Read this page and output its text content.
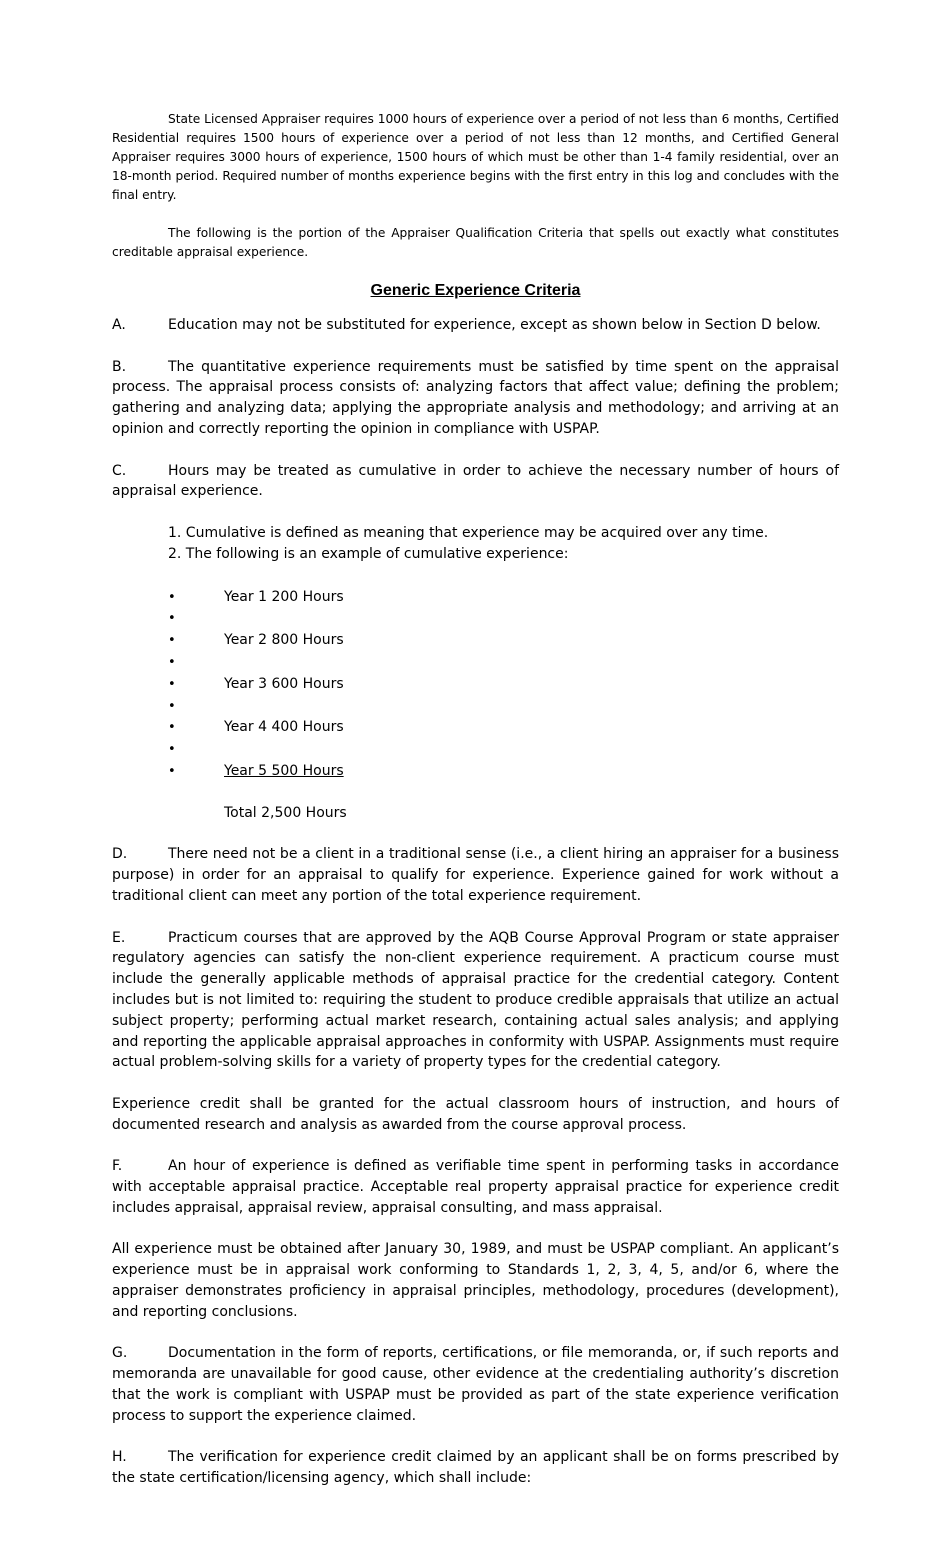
State Licensed Appraiser requires 1000 hours of experience over a period of not less than 6 months, Certified Residential requires 1500 hours of experience over a period of not less than 12 months, and Certified General Appraiser requires 3000 hours of experience, 1500 hours of which must be other than 1-4 family residential, over an 18-month period. Required number of months experience begins with the first entry in this log and concludes with the final entry.

The following is the portion of the Appraiser Qualification Criteria that spells out exactly what constitutes creditable appraisal experience.

Generic Experience Criteria

A.	Education may not be substituted for experience, except as shown below in Section D below.

B.	The quantitative experience requirements must be satisfied by time spent on the appraisal process. The appraisal process consists of: analyzing factors that affect value; defining the problem; gathering and analyzing data; applying the appropriate analysis and methodology; and arriving at an opinion and correctly reporting the opinion in compliance with USPAP.

C.	Hours may be treated as cumulative in order to achieve the necessary number of hours of appraisal experience.

1. Cumulative is defined as meaning that experience may be acquired over any time.
2. The following is an example of cumulative experience:
•	Year 1 200 Hours
•
•	Year 2 800 Hours
•
•	Year 3 600 Hours
•
•	Year 4 400 Hours
•
•	Year 5 500 Hours
Total 2,500 Hours

D.	There need not be a client in a traditional sense (i.e., a client hiring an appraiser for a business purpose) in order for an appraisal to qualify for experience. Experience gained for work without a traditional client can meet any portion of the total experience requirement.

E.	Practicum courses that are approved by the AQB Course Approval Program or state appraiser regulatory agencies can satisfy the non-client experience requirement. A practicum course must include the generally applicable methods of appraisal practice for the credential category. Content includes but is not limited to: requiring the student to produce credible appraisals that utilize an actual subject property; performing actual market research, containing actual sales analysis; and applying and reporting the applicable appraisal approaches in conformity with USPAP. Assignments must require actual problem-solving skills for a variety of property types for the credential category.

Experience credit shall be granted for the actual classroom hours of instruction, and hours of documented research and analysis as awarded from the course approval process.

F.	An hour of experience is defined as verifiable time spent in performing tasks in accordance with acceptable appraisal practice. Acceptable real property appraisal practice for experience credit includes appraisal, appraisal review, appraisal consulting, and mass appraisal.

All experience must be obtained after January 30, 1989, and must be USPAP compliant. An applicant’s experience must be in appraisal work conforming to Standards 1, 2, 3, 4, 5, and/or 6, where the appraiser demonstrates proficiency in appraisal principles, methodology, procedures (development), and reporting conclusions.

G.	Documentation in the form of reports, certifications, or file memoranda, or, if such reports and memoranda are unavailable for good cause, other evidence at the credentialing authority’s discretion that the work is compliant with USPAP must be provided as part of the state experience verification process to support the experience claimed.

H.	The verification for experience credit claimed by an applicant shall be on forms prescribed by the state certification/licensing agency, which shall include:
